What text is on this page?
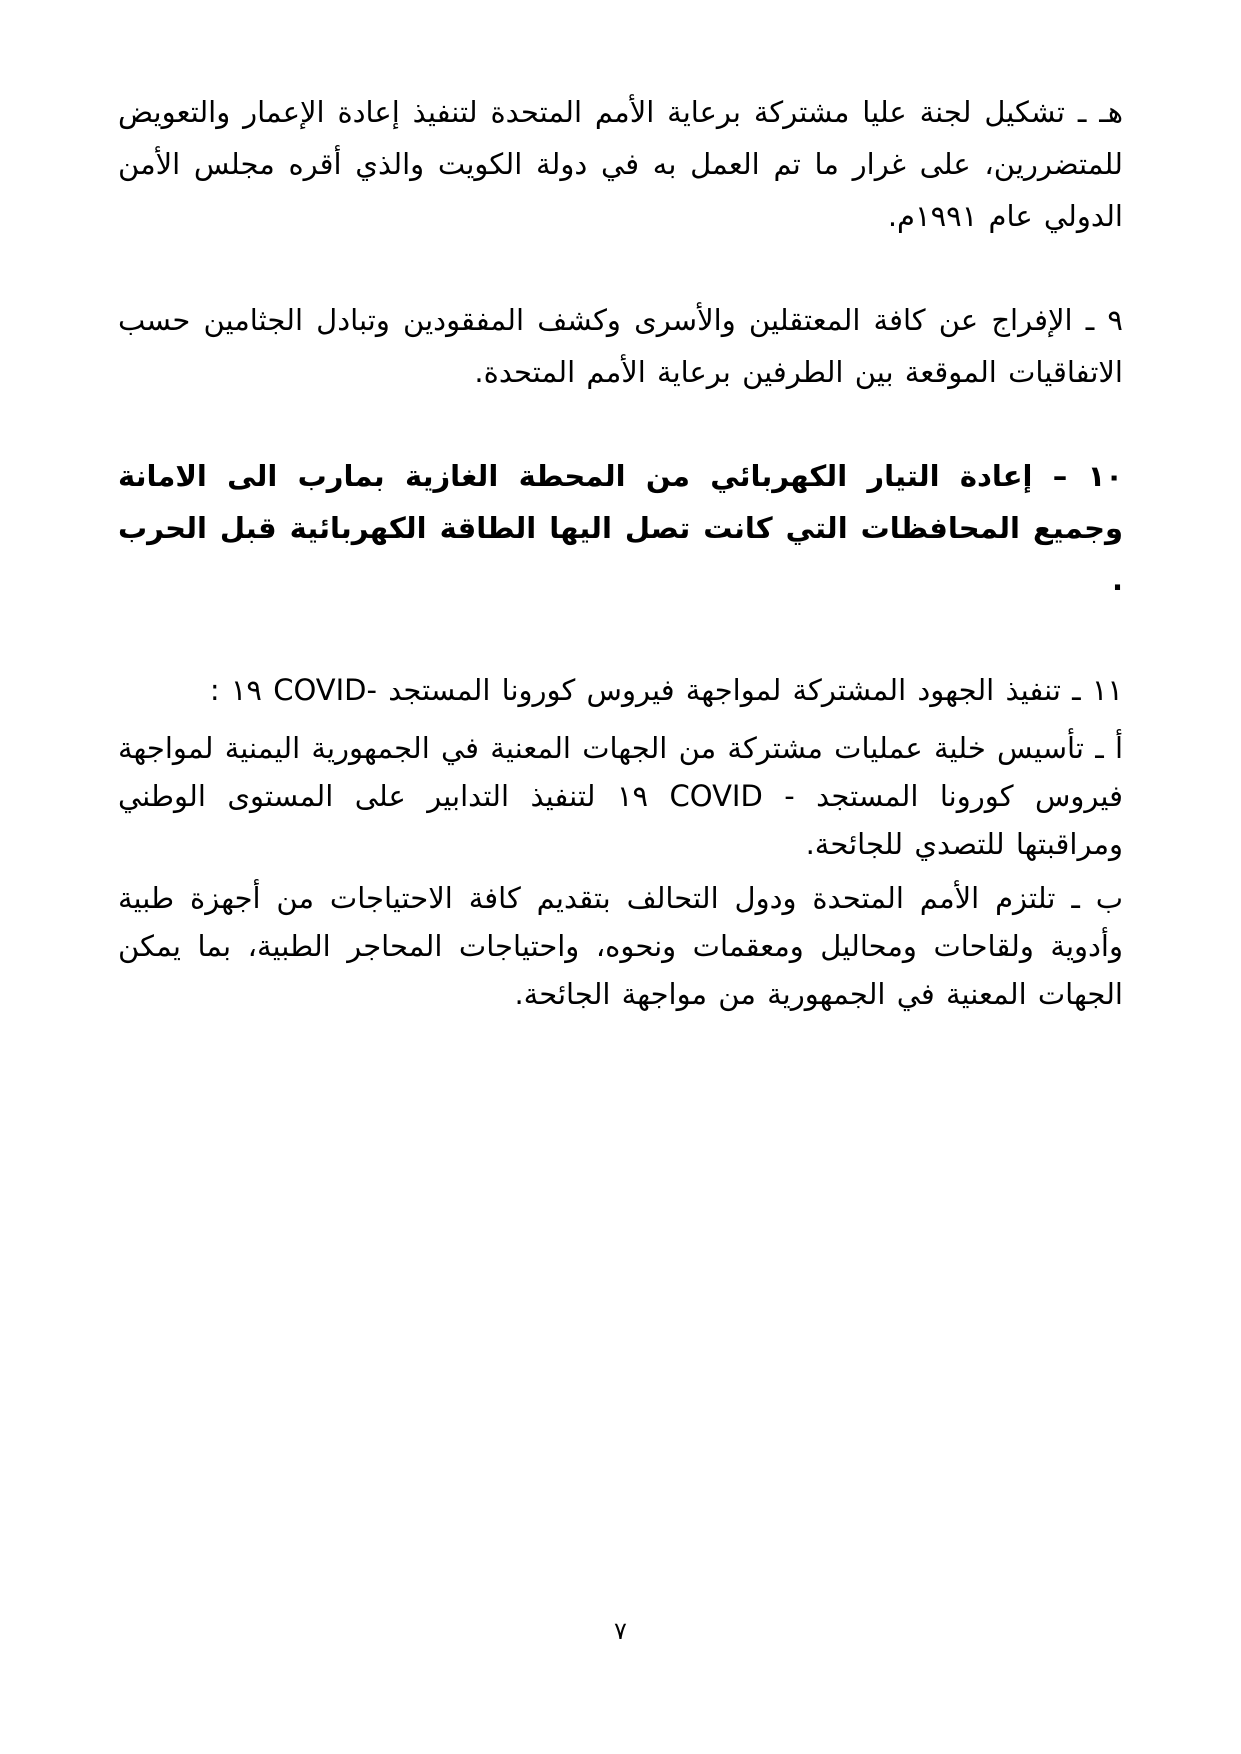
هـ ـ تشكيل لجنة عليا مشتركة برعاية الأمم المتحدة لتنفيذ إعادة الإعمار والتعويض للمتضررين، على غرار ما تم العمل به في دولة الكويت والذي أقره مجلس الأمن الدولي عام ١٩٩١م.

٩ ـ الإفراج عن كافة المعتقلين والأسرى وكشف المفقودين وتبادل الجثامين حسب الاتفاقيات الموقعة بين الطرفين برعاية الأمم المتحدة.

١٠ – إعادة التيار الكهربائي من المحطة الغازية بمارب الى الامانة وجميع المحافظات التي كانت تصل اليها الطاقة الكهربائية قبل الحرب .

١١ ـ تنفيذ الجهود المشتركة لمواجهة فيروس كورونا المستجد -COVID ١٩ :

أ ـ تأسيس خلية عمليات مشتركة من الجهات المعنية في الجمهورية اليمنية لمواجهة فيروس كورونا المستجد - COVID ١٩ لتنفيذ التدابير على المستوى الوطني ومراقبتها للتصدي للجائحة.

ب ـ تلتزم الأمم المتحدة ودول التحالف بتقديم كافة الاحتياجات من أجهزة طبية وأدوية ولقاحات ومحاليل ومعقمات ونحوه، واحتياجات المحاجر الطبية، بما يمكن الجهات المعنية في الجمهورية من مواجهة الجائحة.

٧
